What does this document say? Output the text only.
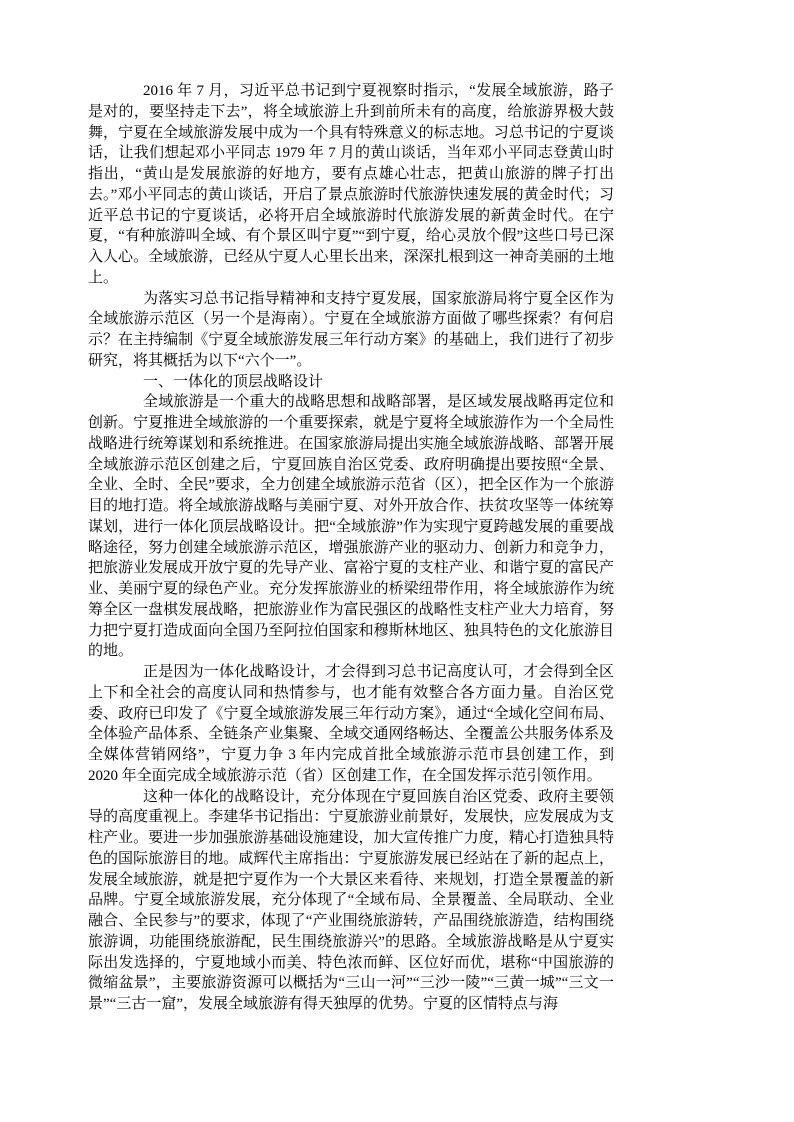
2016 年 7 月，习近平总书记到宁夏视察时指示，“发展全域旅游，路子是对的，要坚持走下去”，将全域旅游上升到前所未有的高度，给旅游界极大鼓舞，宁夏在全域旅游发展中成为一个具有特殊意义的标志地。习总书记的宁夏谈话，让我们想起邓小平同志 1979 年 7 月的黄山谈话，当年邓小平同志登黄山时指出，“黄山是发展旅游的好地方，要有点雄心壮志，把黄山旅游的牌子打出去。”邓小平同志的黄山谈话，开启了景点旅游时代旅游快速发展的黄金时代；习近平总书记的宁夏谈话，必将开启全域旅游时代旅游发展的新黄金时代。在宁夏，“有种旅游叫全域、有个景区叫宁夏”“到宁夏，给心灵放个假”这些口号已深入人心。全域旅游，已经从宁夏人心里长出来，深深扎根到这一神奇美丽的土地上。

为落实习总书记指导精神和支持宁夏发展，国家旅游局将宁夏全区作为全域旅游示范区（另一个是海南）。宁夏在全域旅游方面做了哪些探索？有何启示？在主持编制《宁夏全域旅游发展三年行动方案》的基础上，我们进行了初步研究，将其概括为以下“六个一”。

一、一体化的顶层战略设计

全域旅游是一个重大的战略思想和战略部署，是区域发展战略再定位和创新。宁夏推进全域旅游的一个重要探索，就是宁夏将全域旅游作为一个全局性战略进行统筹谋划和系统推进。在国家旅游局提出实施全域旅游战略、部署开展全域旅游示范区创建之后，宁夏回族自治区党委、政府明确提出要按照“全景、全业、全时、全民”要求，全力创建全域旅游示范省（区），把全区作为一个旅游目的地打造。将全域旅游战略与美丽宁夏、对外开放合作、扶贫攻坚等一体统筹谋划，进行一体化顶层战略设计。把“全域旅游”作为实现宁夏跨越发展的重要战略途径，努力创建全域旅游示范区，增强旅游产业的驱动力、创新力和竞争力，把旅游业发展成开放宁夏的先导产业、富裕宁夏的支柱产业、和谐宁夏的富民产业、美丽宁夏的绿色产业。充分发挥旅游业的桥梁纽带作用，将全域旅游作为统筹全区一盘棋发展战略，把旅游业作为富民强区的战略性支柱产业大力培育，努力把宁夏打造成面向全国乃至阿拉伯国家和穆斯林地区、独具特色的文化旅游目的地。

正是因为一体化战略设计，才会得到习总书记高度认可，才会得到全区上下和全社会的高度认同和热情参与，也才能有效整合各方面力量。自治区党委、政府已印发了《宁夏全域旅游发展三年行动方案》，通过“全域化空间布局、全体验产品体系、全链条产业集聚、全域交通网络畅达、全覆盖公共服务体系及全媒体营销网络”，宁夏力争 3 年内完成首批全域旅游示范市县创建工作，到 2020 年全面完成全域旅游示范（省）区创建工作，在全国发挥示范引领作用。

这种一体化的战略设计，充分体现在宁夏回族自治区党委、政府主要领导的高度重视上。李建华书记指出：宁夏旅游业前景好，发展快，应发展成为支柱产业。要进一步加强旅游基础设施建设，加大宣传推广力度，精心打造独具特色的国际旅游目的地。咸辉代主席指出：宁夏旅游发展已经站在了新的起点上，发展全域旅游，就是把宁夏作为一个大景区来看待、来规划，打造全景覆盖的新品牌。宁夏全域旅游发展，充分体现了“全域布局、全景覆盖、全局联动、全业融合、全民参与”的要求，体现了“产业围绕旅游转，产品围绕旅游造，结构围绕旅游调，功能围绕旅游配，民生围绕旅游兴”的思路。全域旅游战略是从宁夏实际出发选择的，宁夏地域小而美、特色浓而鲜、区位好而优，堪称“中国旅游的微缩盆景”，主要旅游资源可以概括为“三山一河”“三沙一陵”“三黄一城”“三文一景”“三古一窟”，发展全域旅游有得天独厚的优势。宁夏的区情特点与海
